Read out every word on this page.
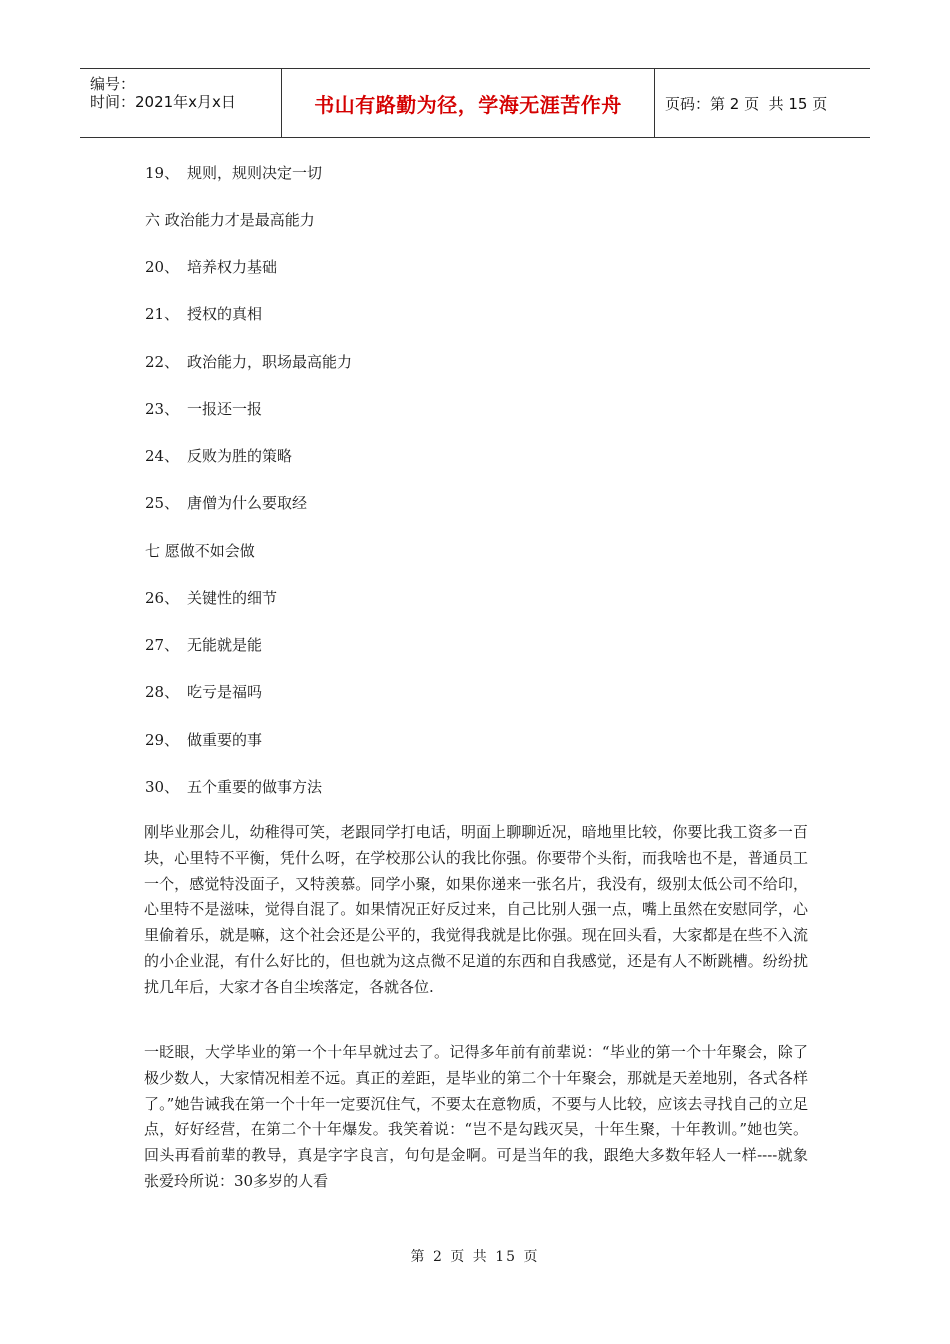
编号：
时间：2021年x月x日	书山有路勤为径，学海无涯苦作舟	页码：第 2 页  共 15 页
19、 规则，规则决定一切
六 政治能力才是最高能力
20、 培养权力基础
21、 授权的真相
22、 政治能力，职场最高能力
23、 一报还一报
24、 反败为胜的策略
25、 唐僧为什么要取经
七 愿做不如会做
26、 关键性的细节
27、 无能就是能
28、 吃亏是福吗
29、 做重要的事
30、 五个重要的做事方法

刚毕业那会儿，幼稚得可笑，老跟同学打电话，明面上聊聊近况，暗地里比较，你要比我工资多一百块，心里特不平衡，凭什么呀，在学校那公认的我比你强。你要带个头衔，而我啥也不是，普通员工一个，感觉特没面子，又特羡慕。同学小聚，如果你递来一张名片，我没有，级别太低公司不给印，心里特不是滋味，觉得自混了。如果情况正好反过来，自己比别人强一点，嘴上虽然在安慰同学，心里偷着乐，就是嘛，这个社会还是公平的，我觉得我就是比你强。现在回头看，大家都是在些不入流的小企业混，有什么好比的，但也就为这点微不足道的东西和自我感觉，还是有人不断跳槽。纷纷扰扰几年后，大家才各自尘埃落定，各就各位.

一眨眼，大学毕业的第一个十年早就过去了。记得多年前有前辈说：“毕业的第一个十年聚会，除了极少数人，大家情况相差不远。真正的差距，是毕业的第二个十年聚会，那就是天差地别，各式各样了。”她告诫我在第一个十年一定要沉住气，不要太在意物质，不要与人比较，应该去寻找自己的立足点，好好经营，在第二个十年爆发。我笑着说：“岂不是勾践灭吴，十年生聚，十年教训。”她也笑。回头再看前辈的教导，真是字字良言，句句是金啊。可是当年的我，跟绝大多数年轻人一样----就象张爱玲所说：30多岁的人看

第 2 页 共 15 页
